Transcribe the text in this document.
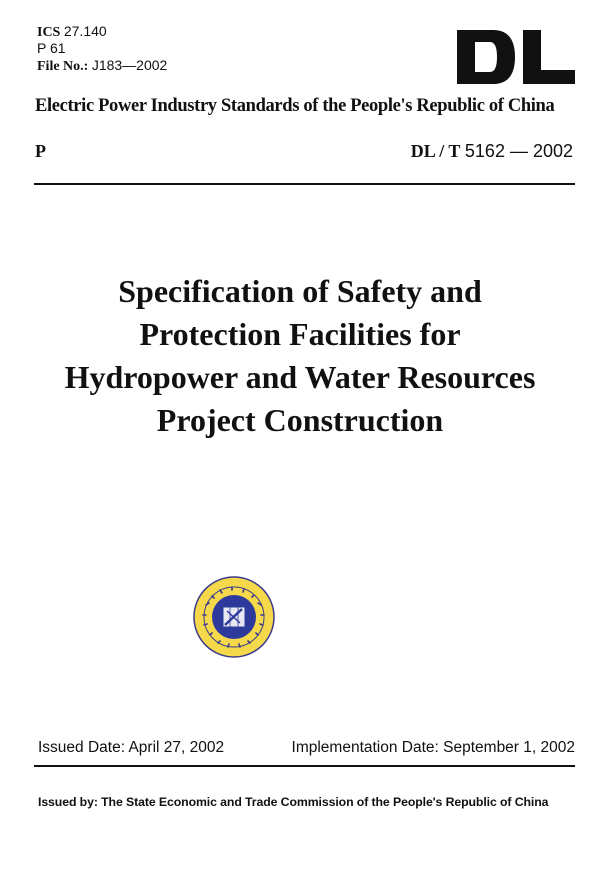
ICS 27.140
P 61
File No.: J183—2002
Electric Power Industry Standards of the People's Republic of China
P	DL / T 5162 — 2002
Specification of Safety and
Protection Facilities for
Hydropower and Water Resources
Project Construction
Issued Date: April 27, 2002	Implementation Date: September 1, 2002
Issued by: The State Economic and Trade Commission of the People's Republic of China
